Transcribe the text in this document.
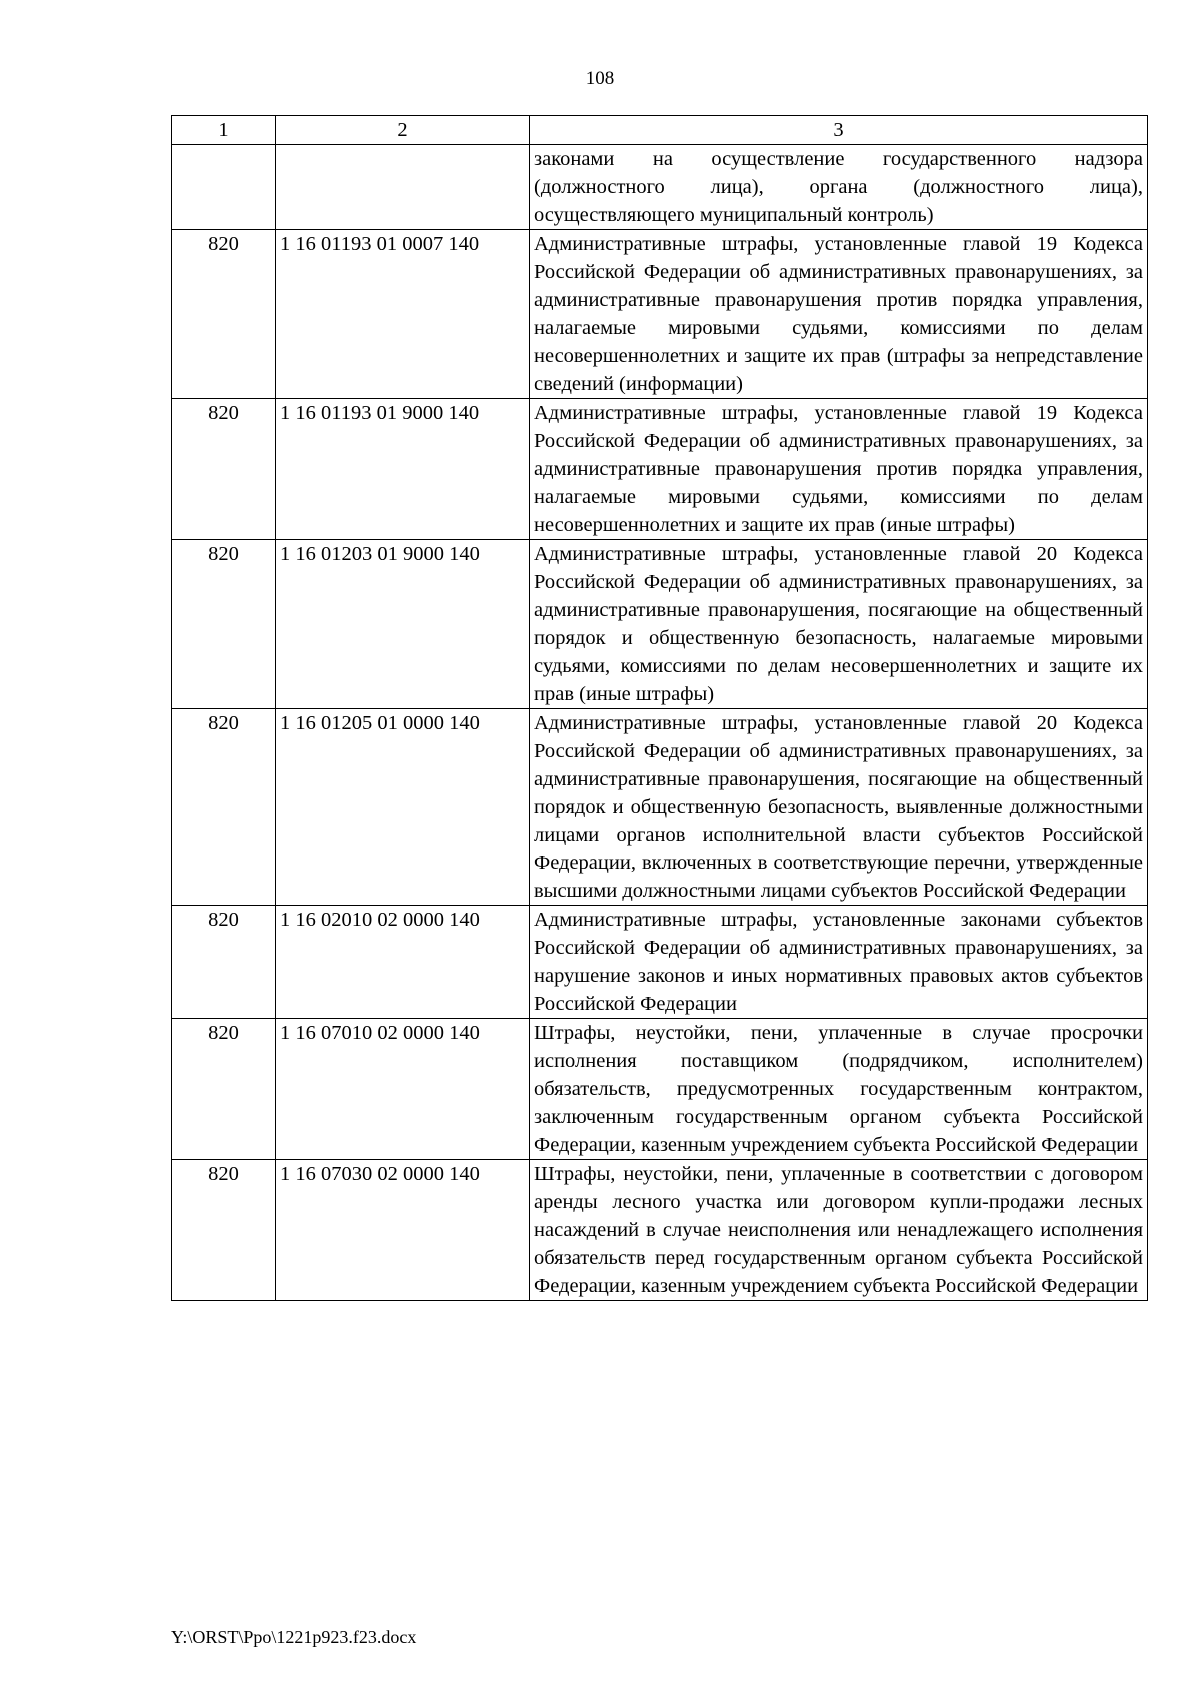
108
1	2	3
		законами на осуществление государственного надзора (должностного лица), органа (должностного лица), осуществляющего муниципальный контроль)
820	1 16 01193 01 0007 140	Административные штрафы, установленные главой 19 Кодекса Российской Федерации об административных правонарушениях, за административные правонарушения против порядка управления, налагаемые мировыми судьями, комиссиями по делам несовершеннолетних и защите их прав (штрафы за непредставление сведений (информации)
820	1 16 01193 01 9000 140	Административные штрафы, установленные главой 19 Кодекса Российской Федерации об административных правонарушениях, за административные правонарушения против порядка управления, налагаемые мировыми судьями, комиссиями по делам несовершеннолетних и защите их прав (иные штрафы)
820	1 16 01203 01 9000 140	Административные штрафы, установленные главой 20 Кодекса Российской Федерации об административных правонарушениях, за административные правонарушения, посягающие на общественный порядок и общественную безопасность, налагаемые мировыми судьями, комиссиями по делам несовершеннолетних и защите их прав (иные штрафы)
820	1 16 01205 01 0000 140	Административные штрафы, установленные главой 20 Кодекса Российской Федерации об административных правонарушениях, за административные правонарушения, посягающие на общественный порядок и общественную безопасность, выявленные должностными лицами органов исполнительной власти субъектов Российской Федерации, включенных в соответствующие перечни, утвержденные высшими должностными лицами субъектов Российской Федерации
820	1 16 02010 02 0000 140	Административные штрафы, установленные законами субъектов Российской Федерации об административных правонарушениях, за нарушение законов и иных нормативных правовых актов субъектов Российской Федерации
820	1 16 07010 02 0000 140	Штрафы, неустойки, пени, уплаченные в случае просрочки исполнения поставщиком (подрядчиком, исполнителем) обязательств, предусмотренных государственным контрактом, заключенным государственным органом субъекта Российской Федерации, казенным учреждением субъекта Российской Федерации
820	1 16 07030 02 0000 140	Штрафы, неустойки, пени, уплаченные в соответствии с договором аренды лесного участка или договором купли-продажи лесных насаждений в случае неисполнения или ненадлежащего исполнения обязательств перед государственным органом субъекта Российской Федерации, казенным учреждением субъекта Российской Федерации
Y:\ORST\Ppo\1221p923.f23.docx
